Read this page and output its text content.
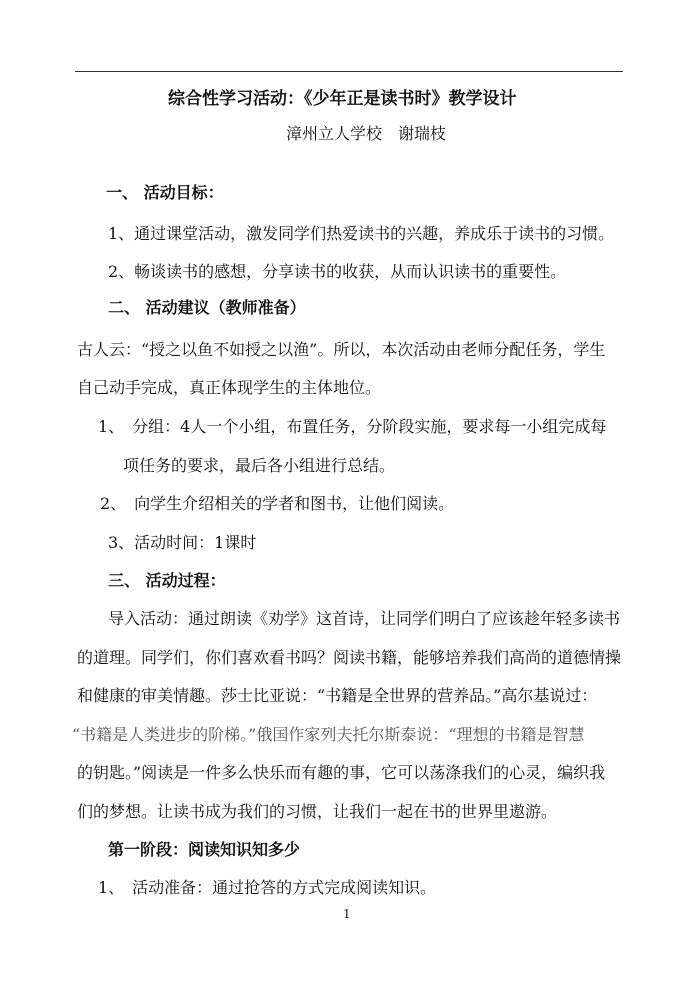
综合性学习活动：《少年正是读书时》教学设计
漳州立人学校　谢瑞枝
一、 活动目标：
1、通过课堂活动，激发同学们热爱读书的兴趣，养成乐于读书的习惯。
2、畅谈读书的感想，分享读书的收获，从而认识读书的重要性。
二、 活动建议（教师准备）
古人云：“授之以鱼不如授之以渔”。所以，本次活动由老师分配任务，学生
自己动手完成，真正体现学生的主体地位。
1、　分组：4人一个小组，布置任务，分阶段实施，要求每一小组完成每
项任务的要求，最后各小组进行总结。
2、　向学生介绍相关的学者和图书，让他们阅读。
3、活动时间：1课时
三、 活动过程：
导入活动：通过朗读《劝学》这首诗，让同学们明白了应该趁年轻多读书
的道理。同学们，你们喜欢看书吗？阅读书籍，能够培养我们高尚的道德情操
和健康的审美情趣。莎士比亚说：“书籍是全世界的营养品。”高尔基说过：
“书籍是人类进步的阶梯。”俄国作家列夫托尔斯泰说：“理想的书籍是智慧
的钥匙。”阅读是一件多么快乐而有趣的事，它可以荡涤我们的心灵，编织我
们的梦想。让读书成为我们的习惯，让我们一起在书的世界里遨游。
第一阶段：阅读知识知多少
1、　活动准备：通过抢答的方式完成阅读知识。
1
